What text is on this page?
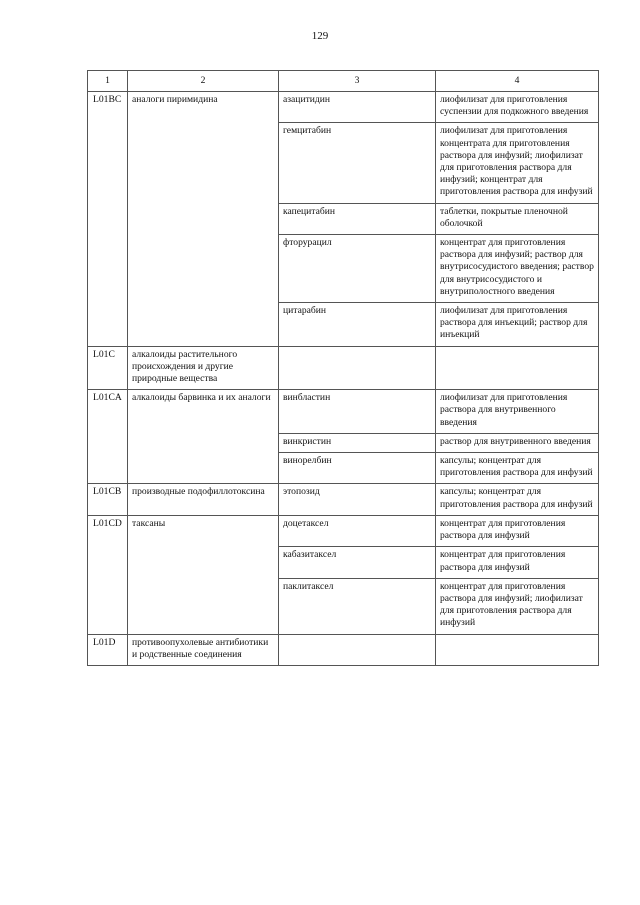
129
1	2	3	4
L01BC	аналоги пиримидина	азацитидин	лиофилизат для приготовления суспензии для подкожного введения
		гемцитабин	лиофилизат для приготовления концентрата для приготовления раствора для инфузий; лиофилизат для приготовления раствора для инфузий; концентрат для приготовления раствора для инфузий
		капецитабин	таблетки, покрытые пленочной оболочкой
		фторурацил	концентрат для приготовления раствора для инфузий; раствор для внутрисосудистого введения; раствор для внутрисосудистого и внутриполостного введения
		цитарабин	лиофилизат для приготовления раствора для инъекций; раствор для инъекций
L01C	алкалоиды растительного происхождения и другие природные вещества		
L01CA	алкалоиды барвинка и их аналоги	винбластин	лиофилизат для приготовления раствора для внутривенного введения
		винкристин	раствор для внутривенного введения
		винорелбин	капсулы; концентрат для приготовления раствора для инфузий
L01CB	производные подофиллотоксина	этопозид	капсулы; концентрат для приготовления раствора для инфузий
L01CD	таксаны	доцетаксел	концентрат для приготовления раствора для инфузий
		кабазитаксел	концентрат для приготовления раствора для инфузий
		паклитаксел	концентрат для приготовления раствора для инфузий; лиофилизат для приготовления раствора для инфузий
L01D	противоопухолевые антибиотики и родственные соединения		
